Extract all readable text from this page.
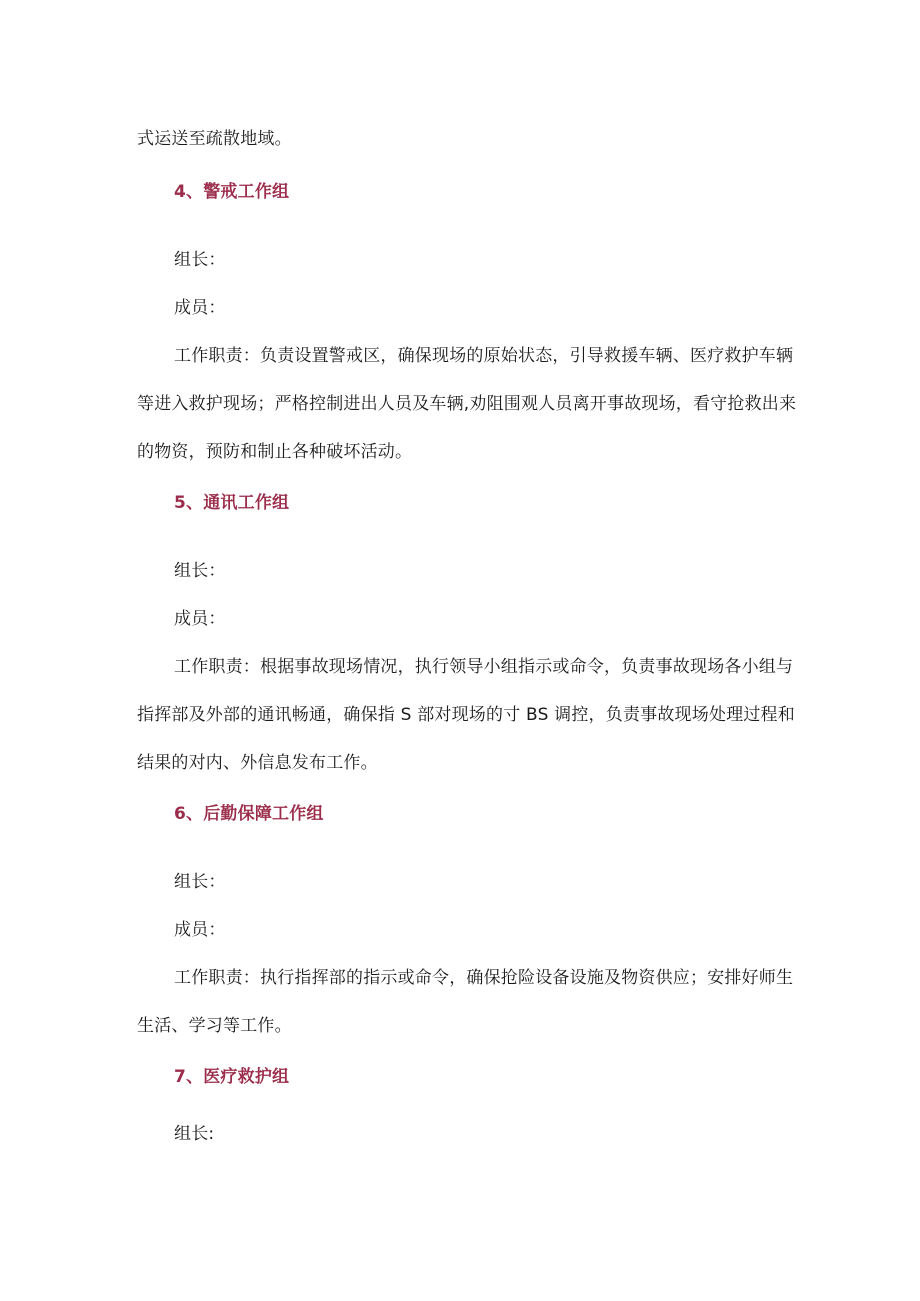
式运送至疏散地域。
4、警戒工作组
组长：
成员：
工作职责：负责设置警戒区，确保现场的原始状态，引导救援车辆、医疗救护车辆
等进入救护现场；严格控制进出人员及车辆,劝阻围观人员离开事故现场，看守抢救出来
的物资，预防和制止各种破坏活动。
5、通讯工作组
组长：
成员：
工作职责：根据事故现场情况，执行领导小组指示或命令，负责事故现场各小组与
指挥部及外部的通讯畅通，确保指 S 部对现场的寸 BS 调控，负责事故现场处理过程和
结果的对内、外信息发布工作。
6、后勤保障工作组
组长：
成员：
工作职责：执行指挥部的指示或命令，确保抢险设备设施及物资供应；安排好师生
生活、学习等工作。
7、医疗救护组
组长:
